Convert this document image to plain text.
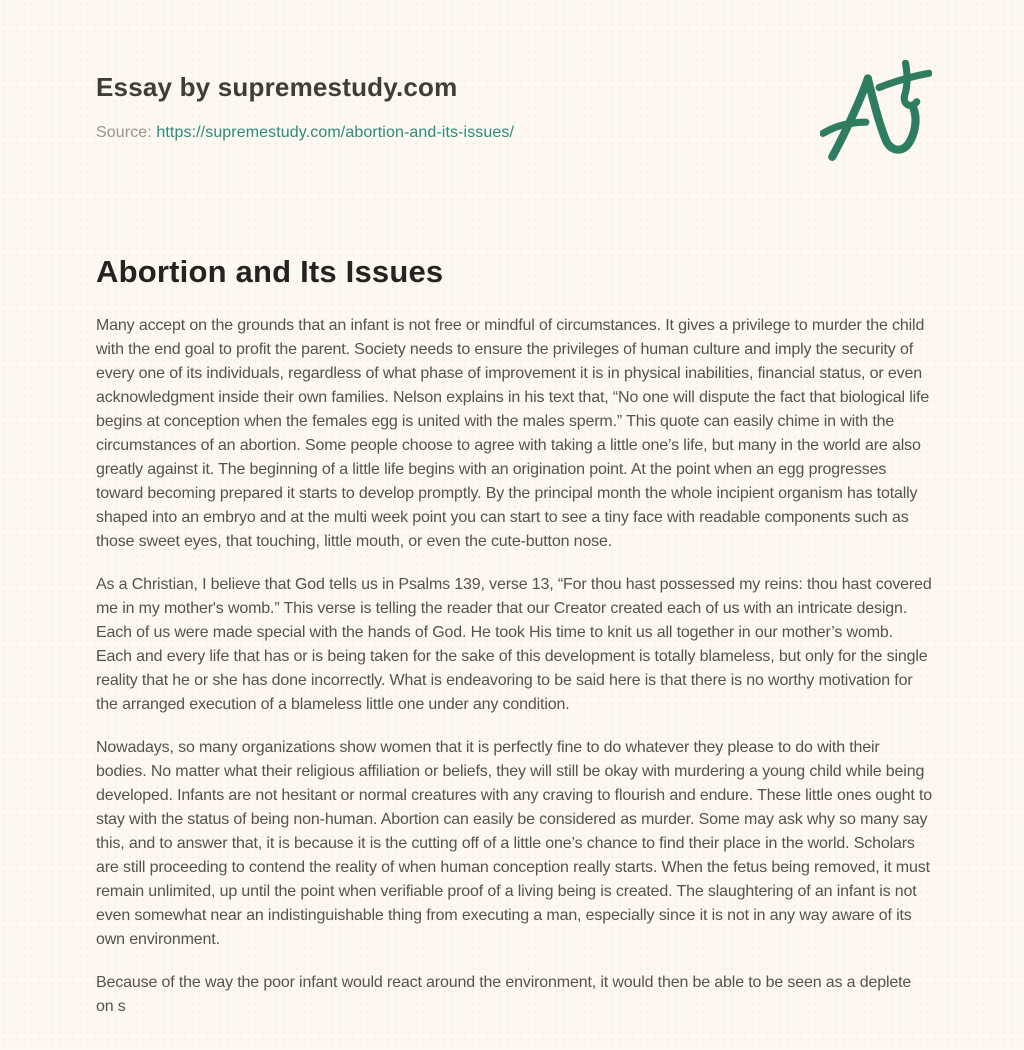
Essay by supremestudy.com
Source: https://supremestudy.com/abortion-and-its-issues/
Abortion and Its Issues

Many accept on the grounds that an infant is not free or mindful of circumstances. It gives a privilege to murder the child with the end goal to profit the parent. Society needs to ensure the privileges of human culture and imply the security of every one of its individuals, regardless of what phase of improvement it is in physical inabilities, financial status, or even acknowledgment inside their own families. Nelson explains in his text that, “No one will dispute the fact that biological life begins at conception when the females egg is united with the males sperm.” This quote can easily chime in with the circumstances of an abortion. Some people choose to agree with taking a little one’s life, but many in the world are also greatly against it. The beginning of a little life begins with an origination point. At the point when an egg progresses toward becoming prepared it starts to develop promptly. By the principal month the whole incipient organism has totally shaped into an embryo and at the multi week point you can start to see a tiny face with readable components such as those sweet eyes, that touching, little mouth, or even the cute-button nose.

As a Christian, I believe that God tells us in Psalms 139, verse 13, “For thou hast possessed my reins: thou hast covered me in my mother's womb.” This verse is telling the reader that our Creator created each of us with an intricate design. Each of us were made special with the hands of God. He took His time to knit us all together in our mother’s womb. Each and every life that has or is being taken for the sake of this development is totally blameless, but only for the single reality that he or she has done incorrectly. What is endeavoring to be said here is that there is no worthy motivation for the arranged execution of a blameless little one under any condition.

Nowadays, so many organizations show women that it is perfectly fine to do whatever they please to do with their bodies. No matter what their religious affiliation or beliefs, they will still be okay with murdering a young child while being developed. Infants are not hesitant or normal creatures with any craving to flourish and endure. These little ones ought to stay with the status of being non-human. Abortion can easily be considered as murder. Some may ask why so many say this, and to answer that, it is because it is the cutting off of a little one’s chance to find their place in the world. Scholars are still proceeding to contend the reality of when human conception really starts. When the fetus being removed, it must remain unlimited, up until the point when verifiable proof of a living being is created. The slaughtering of an infant is not even somewhat near an indistinguishable thing from executing a man, especially since it is not in any way aware of its own environment.

Because of the way the poor infant would react around the environment, it would then be able to be seen as a deplete on s
